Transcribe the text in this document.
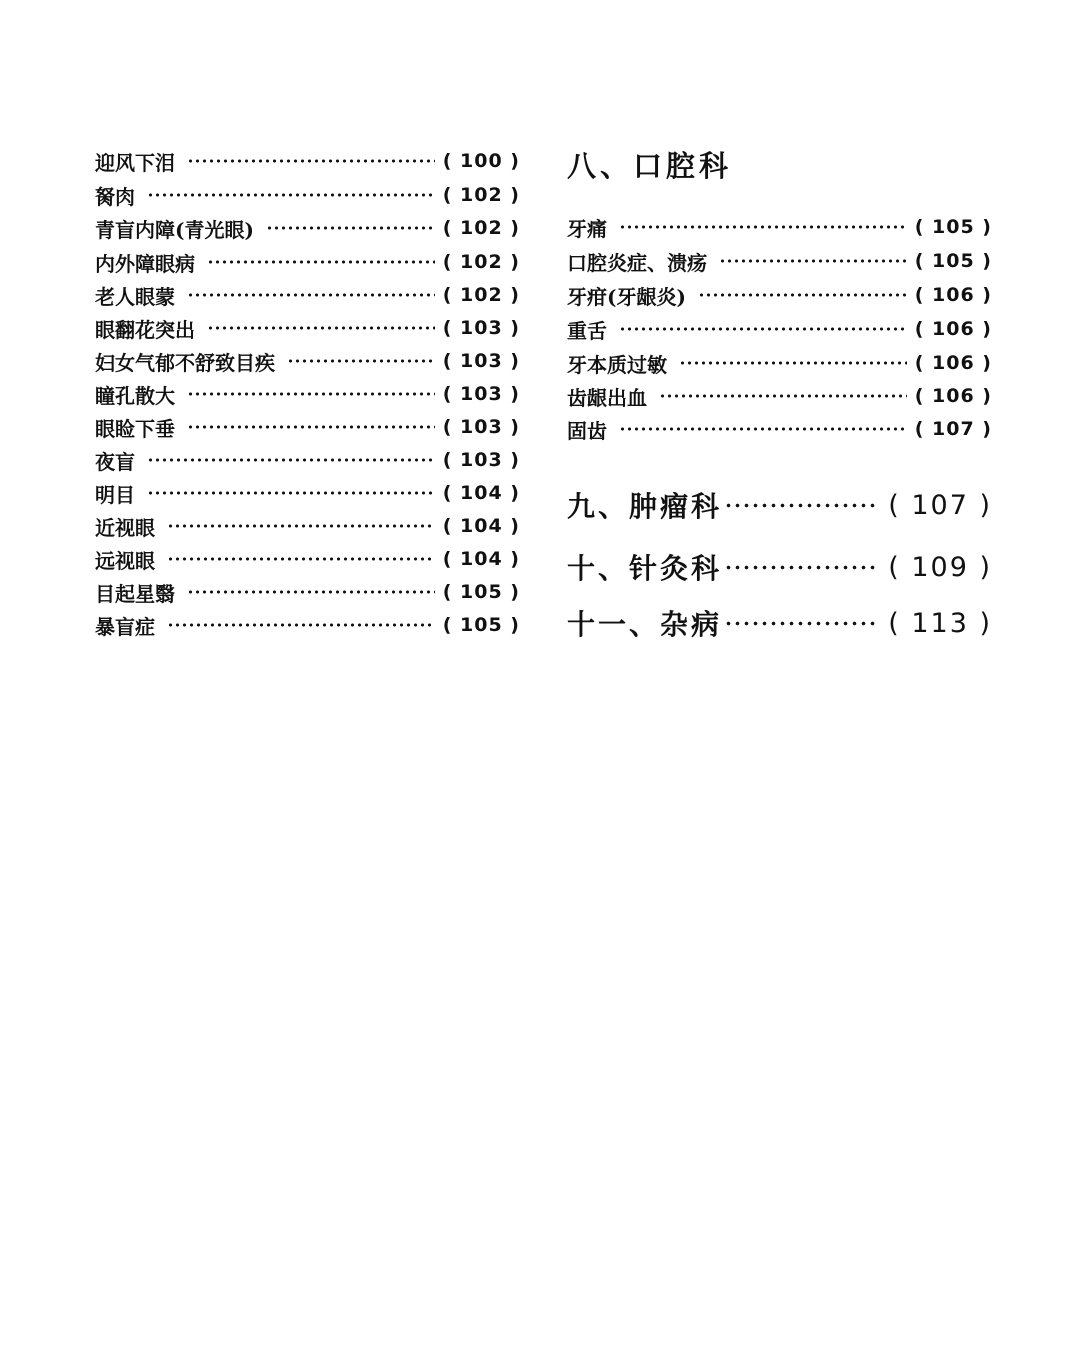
迎风下泪	( 100 )
胬肉	( 102 )
青盲内障(青光眼)	( 102 )
内外障眼病	( 102 )
老人眼蒙	( 102 )
眼翻花突出	( 103 )
妇女气郁不舒致目疾	( 103 )
瞳孔散大	( 103 )
眼睑下垂	( 103 )
夜盲	( 103 )
明目	( 104 )
近视眼	( 104 )
远视眼	( 104 )
目起星翳	( 105 )
暴盲症	( 105 )
八、口腔科
牙痛	( 105 )
口腔炎症、溃疡	( 105 )
牙疳(牙龈炎)	( 106 )
重舌	( 106 )
牙本质过敏	( 106 )
齿龈出血	( 106 )
固齿	( 107 )
九、肿瘤科	( 107 )
十、针灸科	( 109 )
十一、杂病	( 113 )
